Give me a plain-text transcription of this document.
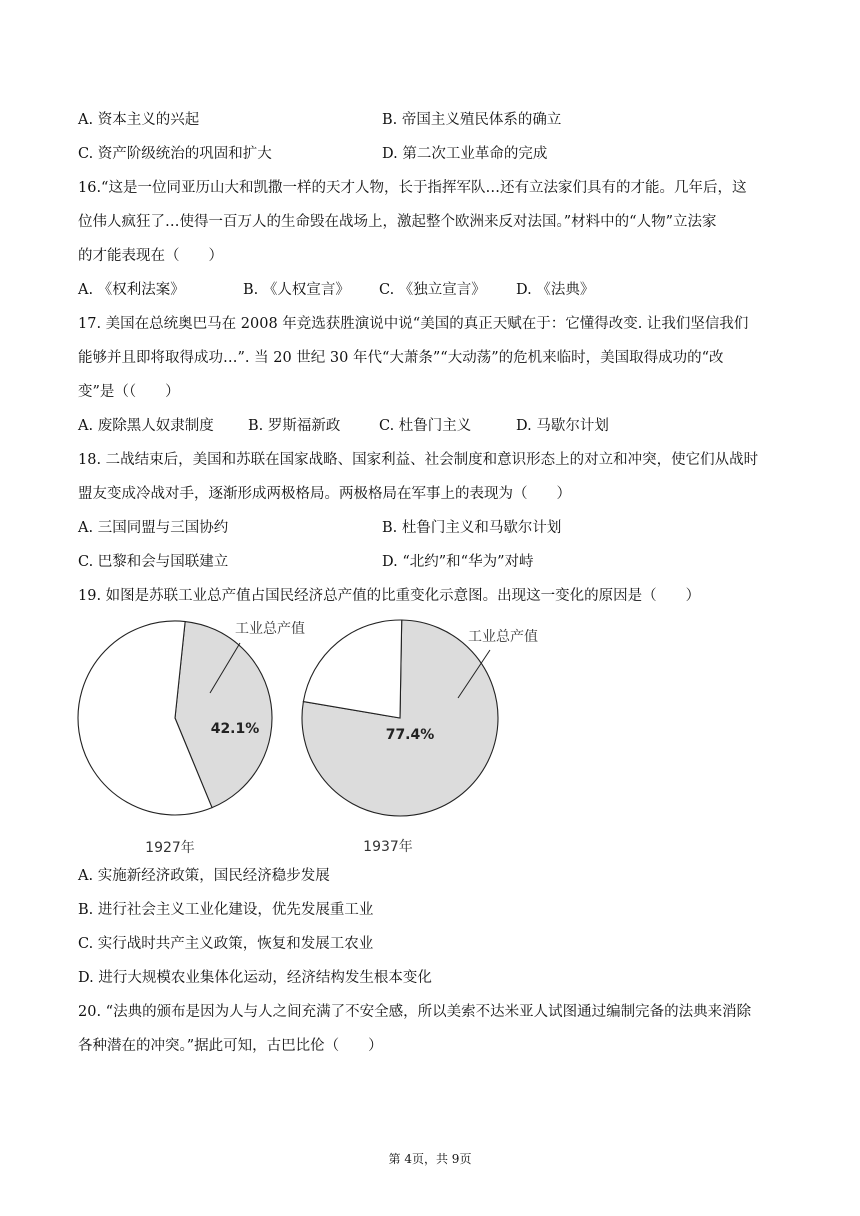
A. 资本主义的兴起	B. 帝国主义殖民体系的确立
C. 资产阶级统治的巩固和扩大	D. 第二次工业革命的完成
16.“这是一位同亚历山大和凯撒一样的天才人物，长于指挥军队…还有立法家们具有的才能。几年后，这
位伟人疯狂了…使得一百万人的生命毁在战场上，激起整个欧洲来反对法国。”材料中的“人物”立法家
的才能表现在（　　）
A. 《权利法案》	B. 《人权宣言》 C. 《独立宣言》 D. 《法典》
17. 美国在总统奥巴马在 2008 年竞选获胜演说中说“美国的真正天赋在于：它懂得改变. 让我们坚信我们
能够并且即将取得成功…”. 当 20 世纪 30 年代“大萧条”“大动荡”的危机来临时，美国取得成功的“改
变”是（（　　）
A. 废除黑人奴隶制度 B. 罗斯福新政	C. 杜鲁门主义	D. 马歇尔计划
18. 二战结束后，美国和苏联在国家战略、国家利益、社会制度和意识形态上的对立和冲突，使它们从战时
盟友变成冷战对手，逐渐形成两极格局。两极格局在军事上的表现为（　　）
A. 三国同盟与三国协约	B. 杜鲁门主义和马歇尔计划
C. 巴黎和会与国联建立	D. “北约”和“华为”对峙
19. 如图是苏联工业总产值占国民经济总产值的比重变化示意图。出现这一变化的原因是（　　）
42.1%
工业总产值
1927年
77.4%
工业总产值
1937年
A. 实施新经济政策，国民经济稳步发展
B. 进行社会主义工业化建设，优先发展重工业
C. 实行战时共产主义政策，恢复和发展工农业
D. 进行大规模农业集体化运动，经济结构发生根本变化
20. “法典的颁布是因为人与人之间充满了不安全感，所以美索不达米亚人试图通过编制完备的法典来消除
各种潜在的冲突。”据此可知，古巴比伦（　　）
第 4页，共 9页
